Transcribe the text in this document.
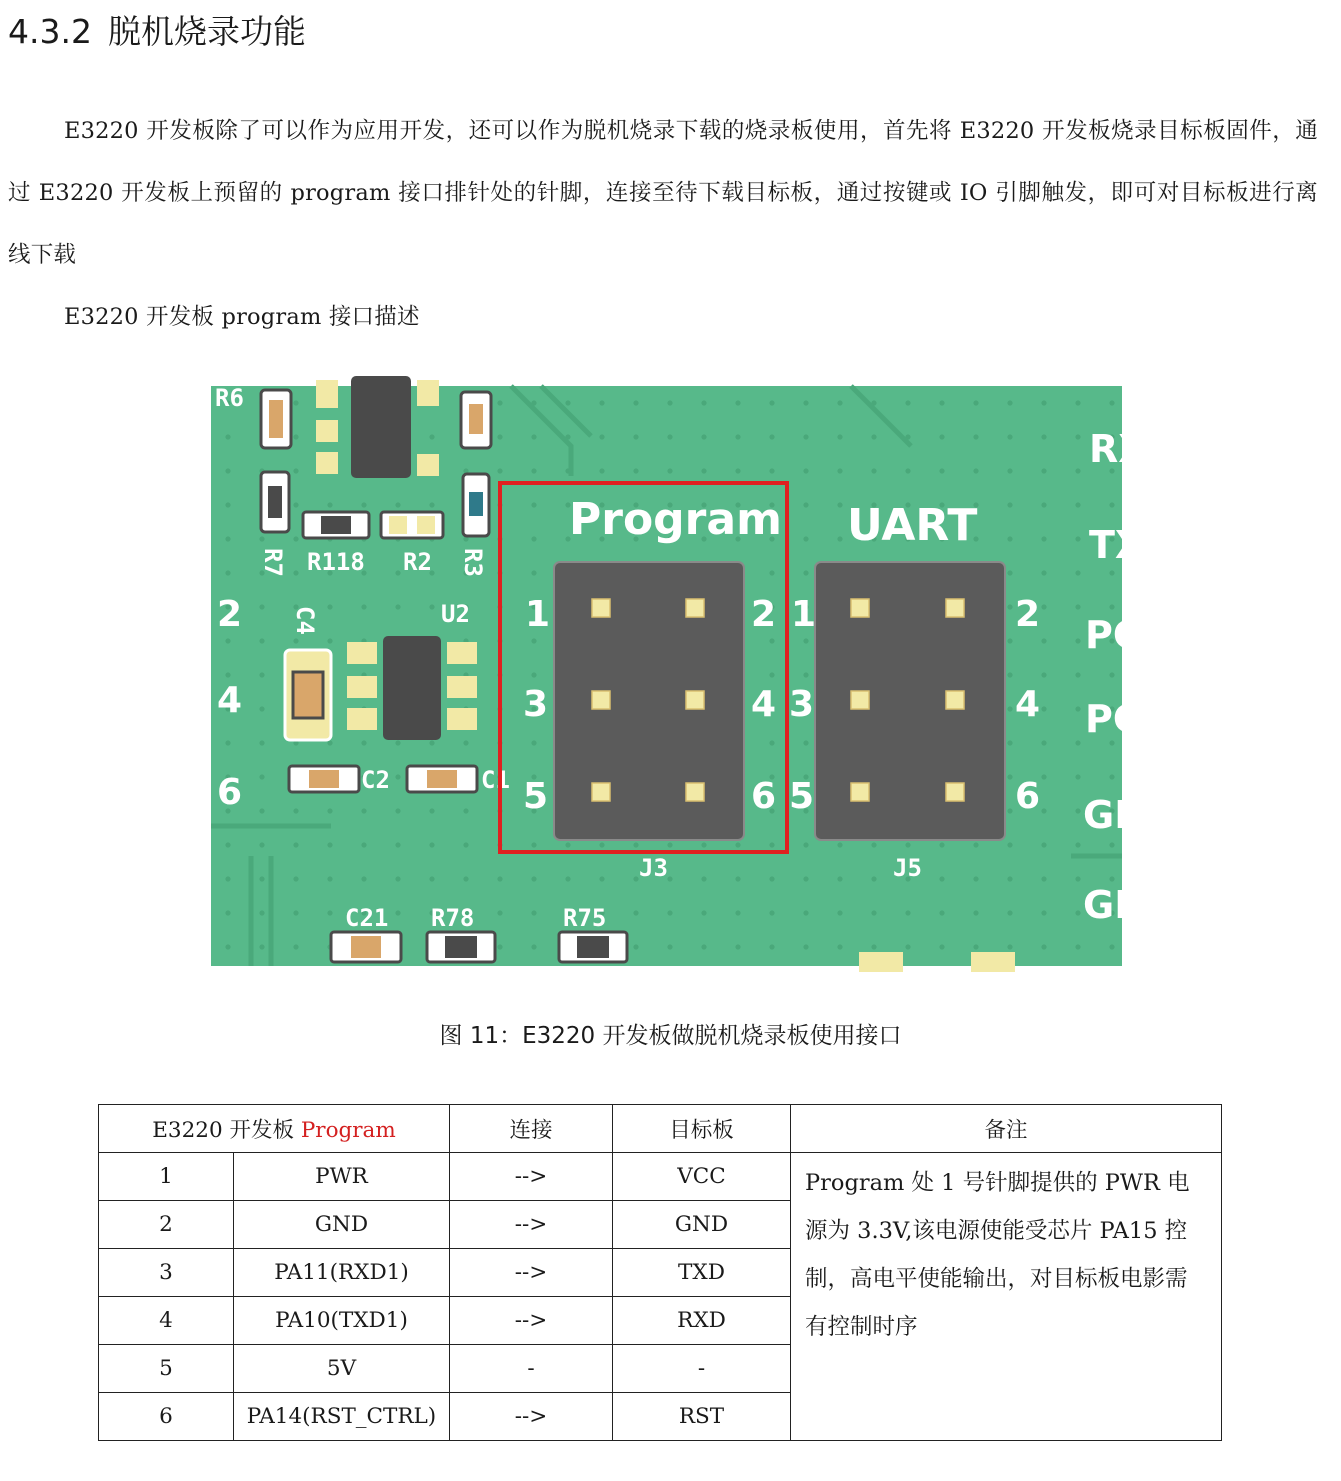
4.3.2 脱机烧录功能

E3220 开发板除了可以作为应用开发，还可以作为脱机烧录下载的烧录板使用，首先将 E3220 开发板烧录目标板固件，通过 E3220 开发板上预留的 program 接口排针处的针脚，连接至待下载目标板，通过按键或 IO 引脚触发，即可对目标板进行离线下载

E3220 开发板 program 接口描述

R6
R118 R2
R7	R3
C4	U2
C2	C1
C21 R78	R75
2
4
6
RX
TX
PC
PC
GN
GN
Program
1	2
3	4
5	6
J3
UART
1	2
3	4
5	6
J5

图 11：E3220 开发板做脱机烧录板使用接口

E3220 开发板 Program		连接	目标板	备注
1	PWR	-->	VCC	Program 处 1 号针脚提供的 PWR 电源为 3.3V,该电源使能受芯片 PA15 控制，高电平使能输出，对目标板电影需有控制时序
2	GND	-->	GND	
3	PA11(RXD1)	-->	TXD	
4	PA10(TXD1)	-->	RXD	
5	5V	-	-	
6	PA14(RST_CTRL)	-->	RST	
